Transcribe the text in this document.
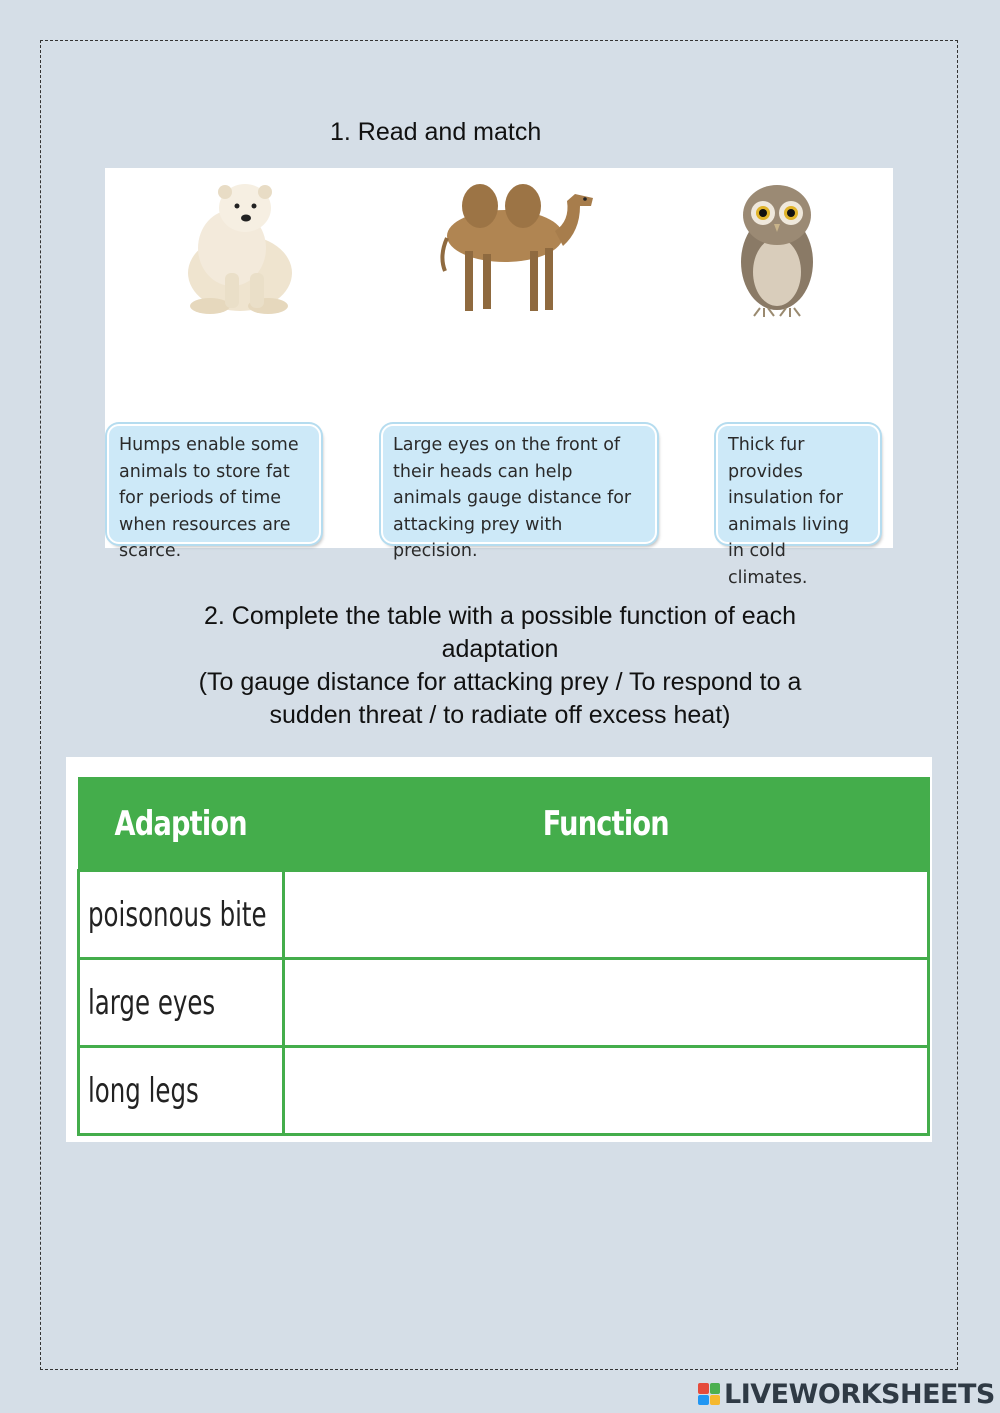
1. Read and match
Humps enable some animals to store fat for periods of time when resources are scarce.
Large eyes on the front of their heads can help animals gauge distance for attacking prey with precision.
Thick fur provides insulation for animals living in cold climates.
2. Complete the table with a possible function of each adaptation
(To gauge distance for attacking prey / To respond to a sudden threat / to radiate off excess heat)
Adaption	Function
poisonous bite	
large eyes	
long legs	
LIVEWORKSHEETS
